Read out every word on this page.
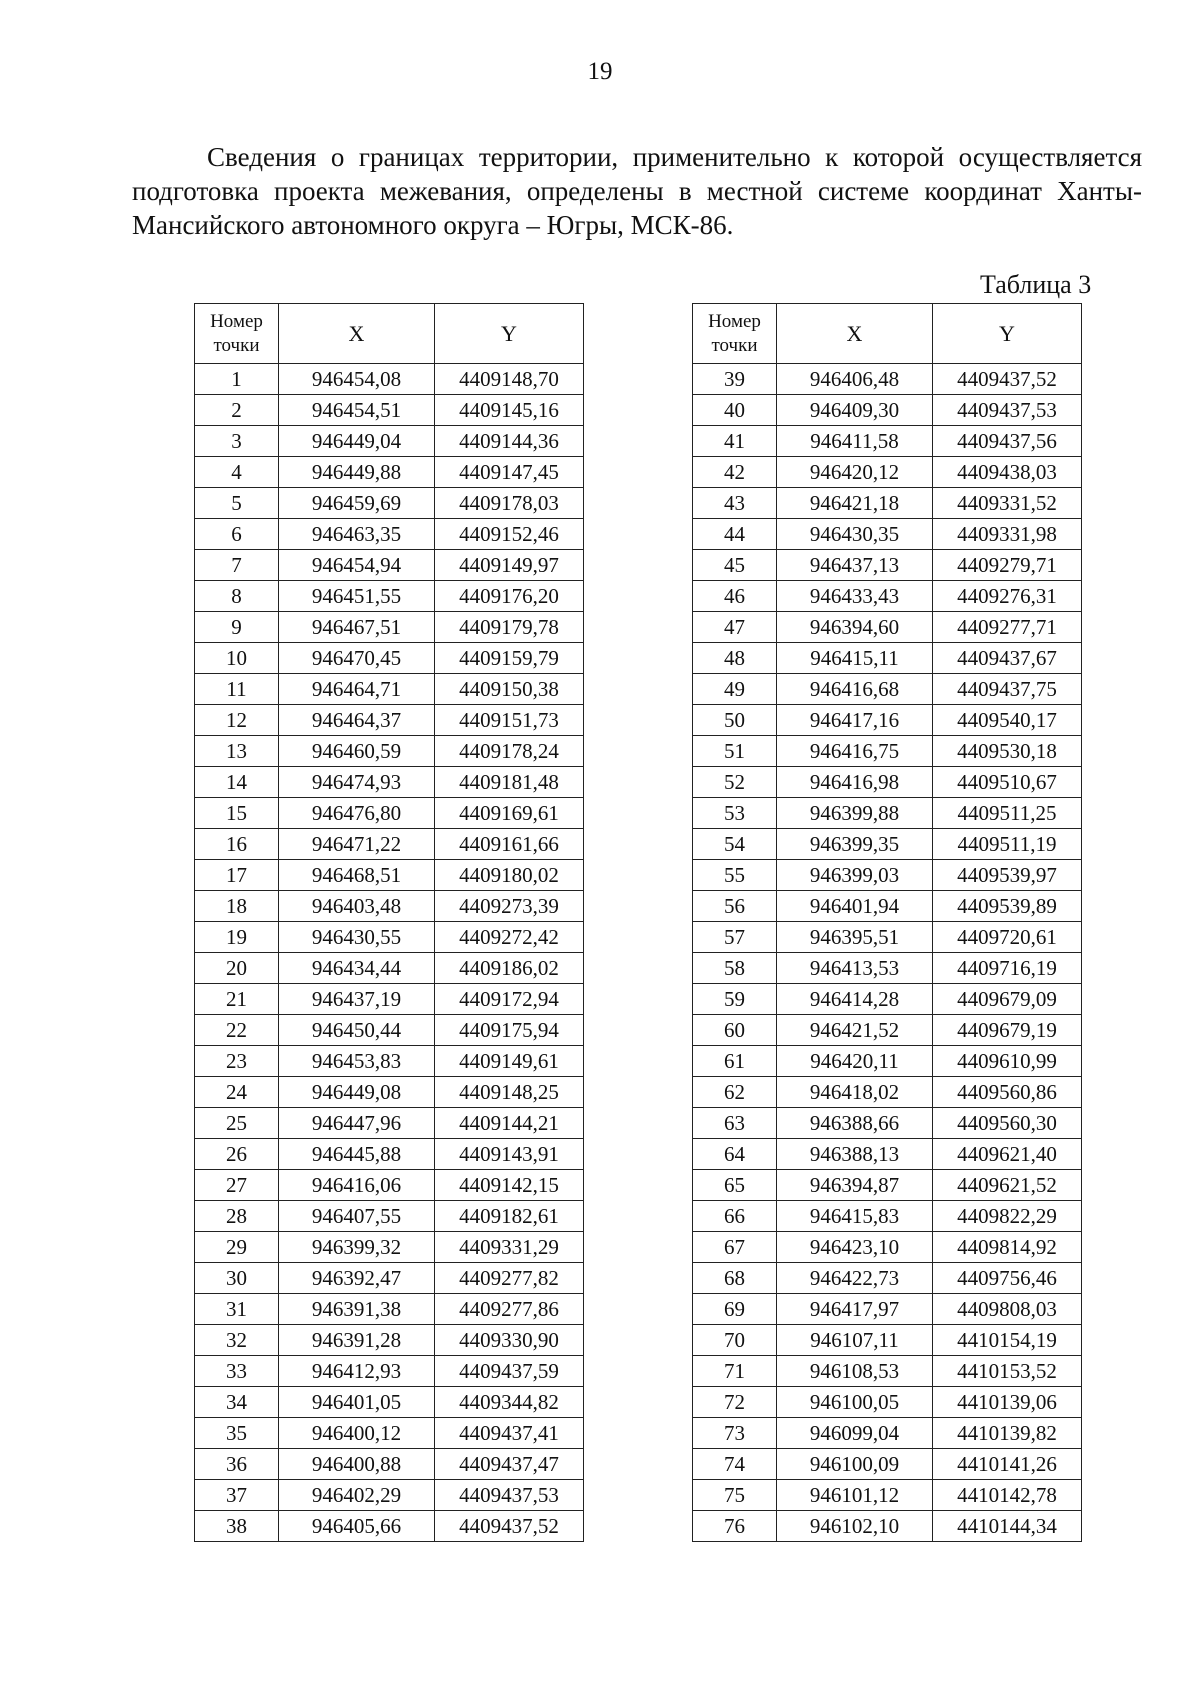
19

Сведения о границах территории, применительно к которой осуществляется подготовка проекта межевания, определены в местной системе координат Ханты-Мансийского автономного округа – Югры, МСК-86.

Таблица 3
Номер точки	X	Y
1	946454,08	4409148,70
2	946454,51	4409145,16
3	946449,04	4409144,36
4	946449,88	4409147,45
5	946459,69	4409178,03
6	946463,35	4409152,46
7	946454,94	4409149,97
8	946451,55	4409176,20
9	946467,51	4409179,78
10	946470,45	4409159,79
11	946464,71	4409150,38
12	946464,37	4409151,73
13	946460,59	4409178,24
14	946474,93	4409181,48
15	946476,80	4409169,61
16	946471,22	4409161,66
17	946468,51	4409180,02
18	946403,48	4409273,39
19	946430,55	4409272,42
20	946434,44	4409186,02
21	946437,19	4409172,94
22	946450,44	4409175,94
23	946453,83	4409149,61
24	946449,08	4409148,25
25	946447,96	4409144,21
26	946445,88	4409143,91
27	946416,06	4409142,15
28	946407,55	4409182,61
29	946399,32	4409331,29
30	946392,47	4409277,82
31	946391,38	4409277,86
32	946391,28	4409330,90
33	946412,93	4409437,59
34	946401,05	4409344,82
35	946400,12	4409437,41
36	946400,88	4409437,47
37	946402,29	4409437,53
38	946405,66	4409437,52
Номер точки	X	Y
39	946406,48	4409437,52
40	946409,30	4409437,53
41	946411,58	4409437,56
42	946420,12	4409438,03
43	946421,18	4409331,52
44	946430,35	4409331,98
45	946437,13	4409279,71
46	946433,43	4409276,31
47	946394,60	4409277,71
48	946415,11	4409437,67
49	946416,68	4409437,75
50	946417,16	4409540,17
51	946416,75	4409530,18
52	946416,98	4409510,67
53	946399,88	4409511,25
54	946399,35	4409511,19
55	946399,03	4409539,97
56	946401,94	4409539,89
57	946395,51	4409720,61
58	946413,53	4409716,19
59	946414,28	4409679,09
60	946421,52	4409679,19
61	946420,11	4409610,99
62	946418,02	4409560,86
63	946388,66	4409560,30
64	946388,13	4409621,40
65	946394,87	4409621,52
66	946415,83	4409822,29
67	946423,10	4409814,92
68	946422,73	4409756,46
69	946417,97	4409808,03
70	946107,11	4410154,19
71	946108,53	4410153,52
72	946100,05	4410139,06
73	946099,04	4410139,82
74	946100,09	4410141,26
75	946101,12	4410142,78
76	946102,10	4410144,34
